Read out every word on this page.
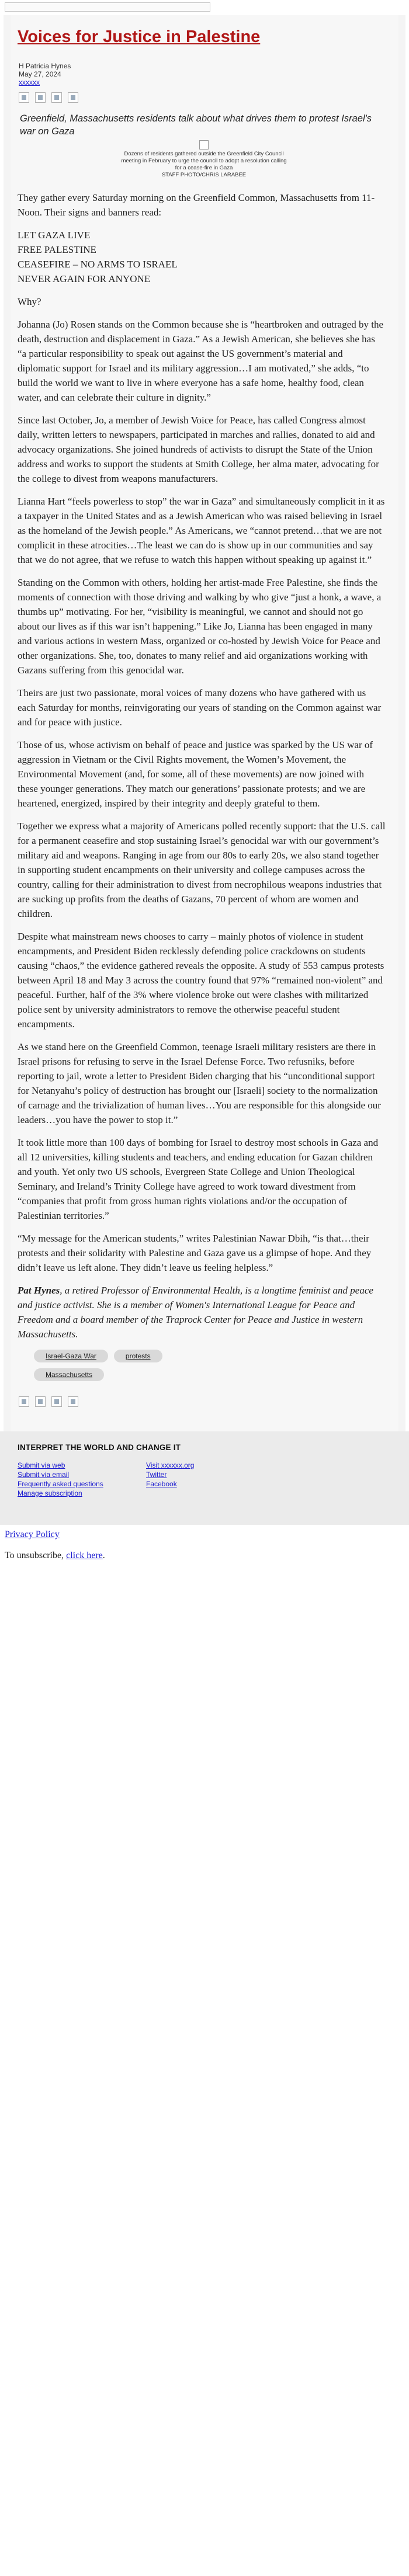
Voices for Justice in Palestine
H Patricia Hynes
May 27, 2024
xxxxxx
Greenfield, Massachusetts residents talk about what drives them to protest Israel's war on Gaza
Dozens of residents gathered outside the Greenfield City Council meeting in February to urge the council to adopt a resolution calling for a cease-fire in Gaza
STAFF PHOTO/CHRIS LARABEE
They gather every Saturday morning on the Greenfield Common, Massachusetts from 11-Noon. Their signs and banners read:
LET GAZA LIVE
FREE PALESTINE
CEASEFIRE – NO ARMS TO ISRAEL
NEVER AGAIN FOR ANYONE
Why?
Johanna (Jo) Rosen stands on the Common because she is “heartbroken and outraged by the death, destruction and displacement in Gaza.” As a Jewish American, she believes she has “a particular responsibility to speak out against the US government’s material and diplomatic support for Israel and its military aggression…I am motivated,” she adds, “to build the world we want to live in where everyone has a safe home, healthy food, clean water, and can celebrate their culture in dignity.”
Since last October, Jo, a member of Jewish Voice for Peace, has called Congress almost daily, written letters to newspapers, participated in marches and rallies, donated to aid and advocacy organizations. She joined hundreds of activists to disrupt the State of the Union address and works to support the students at Smith College, her alma mater, advocating for the college to divest from weapons manufacturers.
Lianna Hart “feels powerless to stop” the war in Gaza” and simultaneously complicit in it as a taxpayer in the United States and as a Jewish American who was raised believing in Israel as the homeland of the Jewish people.” As Americans, we “cannot pretend…that we are not complicit in these atrocities…The least we can do is show up in our communities and say that we do not agree, that we refuse to watch this happen without speaking up against it.”
Standing on the Common with others, holding her artist-made Free Palestine, she finds the moments of connection with those driving and walking by who give “just a honk, a wave, a thumbs up” motivating. For her, “visibility is meaningful, we cannot and should not go about our lives as if this war isn’t happening.” Like Jo, Lianna has been engaged in many and various actions in western Mass, organized or co-hosted by Jewish Voice for Peace and other organizations. She, too, donates to many relief and aid organizations working with Gazans suffering from this genocidal war.
Theirs are just two passionate, moral voices of many dozens who have gathered with us each Saturday for months, reinvigorating our years of standing on the Common against war and for peace with justice.
Those of us, whose activism on behalf of peace and justice was sparked by the US war of aggression in Vietnam or the Civil Rights movement, the Women’s Movement, the Environmental Movement (and, for some, all of these movements) are now joined with these younger generations. They match our generations’ passionate protests; and we are heartened, energized, inspired by their integrity and deeply grateful to them.
Together we express what a majority of Americans polled recently support: that the U.S. call for a permanent ceasefire and stop sustaining Israel’s genocidal war with our government’s military aid and weapons. Ranging in age from our 80s to early 20s, we also stand together in supporting student encampments on their university and college campuses across the country, calling for their administration to divest from necrophilous weapons industries that are sucking up profits from the deaths of Gazans, 70 percent of whom are women and children.
Despite what mainstream news chooses to carry – mainly photos of violence in student encampments, and President Biden recklessly defending police crackdowns on students causing “chaos,” the evidence gathered reveals the opposite. A study of 553 campus protests between April 18 and May 3 across the country found that 97% “remained non-violent” and peaceful. Further, half of the 3% where violence broke out were clashes with militarized police sent by university administrators to remove the otherwise peaceful student encampments.
As we stand here on the Greenfield Common, teenage Israeli military resisters are there in Israel prisons for refusing to serve in the Israel Defense Force. Two refusniks, before reporting to jail, wrote a letter to President Biden charging that his “unconditional support for Netanyahu’s policy of destruction has brought our [Israeli] society to the normalization of carnage and the trivialization of human lives…You are responsible for this alongside our leaders…you have the power to stop it.”
It took little more than 100 days of bombing for Israel to destroy most schools in Gaza and all 12 universities, killing students and teachers, and ending education for Gazan children and youth. Yet only two US schools, Evergreen State College and Union Theological Seminary, and Ireland’s Trinity College have agreed to work toward divestment from “companies that profit from gross human rights violations and/or the occupation of Palestinian territories.”
“My message for the American students,” writes Palestinian Nawar Dbih, “is that…their protests and their solidarity with Palestine and Gaza gave us a glimpse of hope. And they didn’t leave us left alone. They didn’t leave us feeling helpless.”
Pat Hynes, a retired Professor of Environmental Health, is a longtime feminist and peace and justice activist. She is a member of Women's International League for Peace and Freedom and a board member of the Traprock Center for Peace and Justice in western Massachusetts.
Israel-Gaza War	protests
Massachusetts
INTERPRET THE WORLD AND CHANGE IT
Submit via web
Submit via email
Frequently asked questions
Manage subscription
Visit xxxxxx.org
Twitter
Facebook
Privacy Policy
To unsubscribe, click here.
